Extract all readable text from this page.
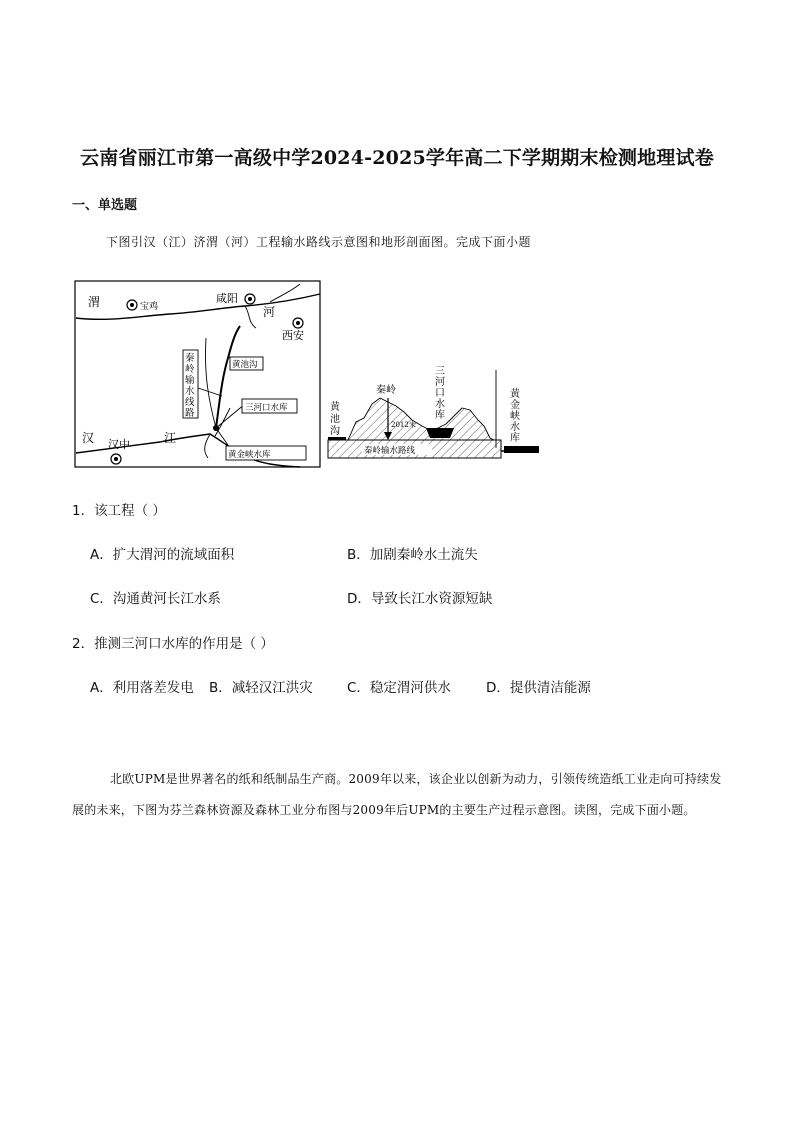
云南省丽江市第一高级中学2024-2025学年高二下学期期末检测地理试卷
一、单选题
下图引汉（江）济渭（河）工程输水路线示意图和地形剖面图。完成下面小题
宝鸡
渭	咸阳
河
西安
黄池沟
秦
岭
输
水
线
路	三河口水库
汉中
汉	江
黄金峡水库	秦岭输水路线
2012米
秦岭
黄
池
沟
三
河
口
水
库
黄
金
峡
水
库
1．该工程（ ）
A．扩大渭河的流域面积	B．加剧秦岭水土流失
C．沟通黄河长江水系	D．导致长江水资源短缺
2．推测三河口水库的作用是（ ）
A．利用落差发电 B．减轻汉江洪灾	C．稳定渭河供水	D．提供清洁能源
北欧UPM是世界著名的纸和纸制品生产商。2009年以来，该企业以创新为动力，引领传统造纸工业走向可持续发展的未来，下图为芬兰森林资源及森林工业分布图与2009年后UPM的主要生产过程示意图。读图，完成下面小题。
